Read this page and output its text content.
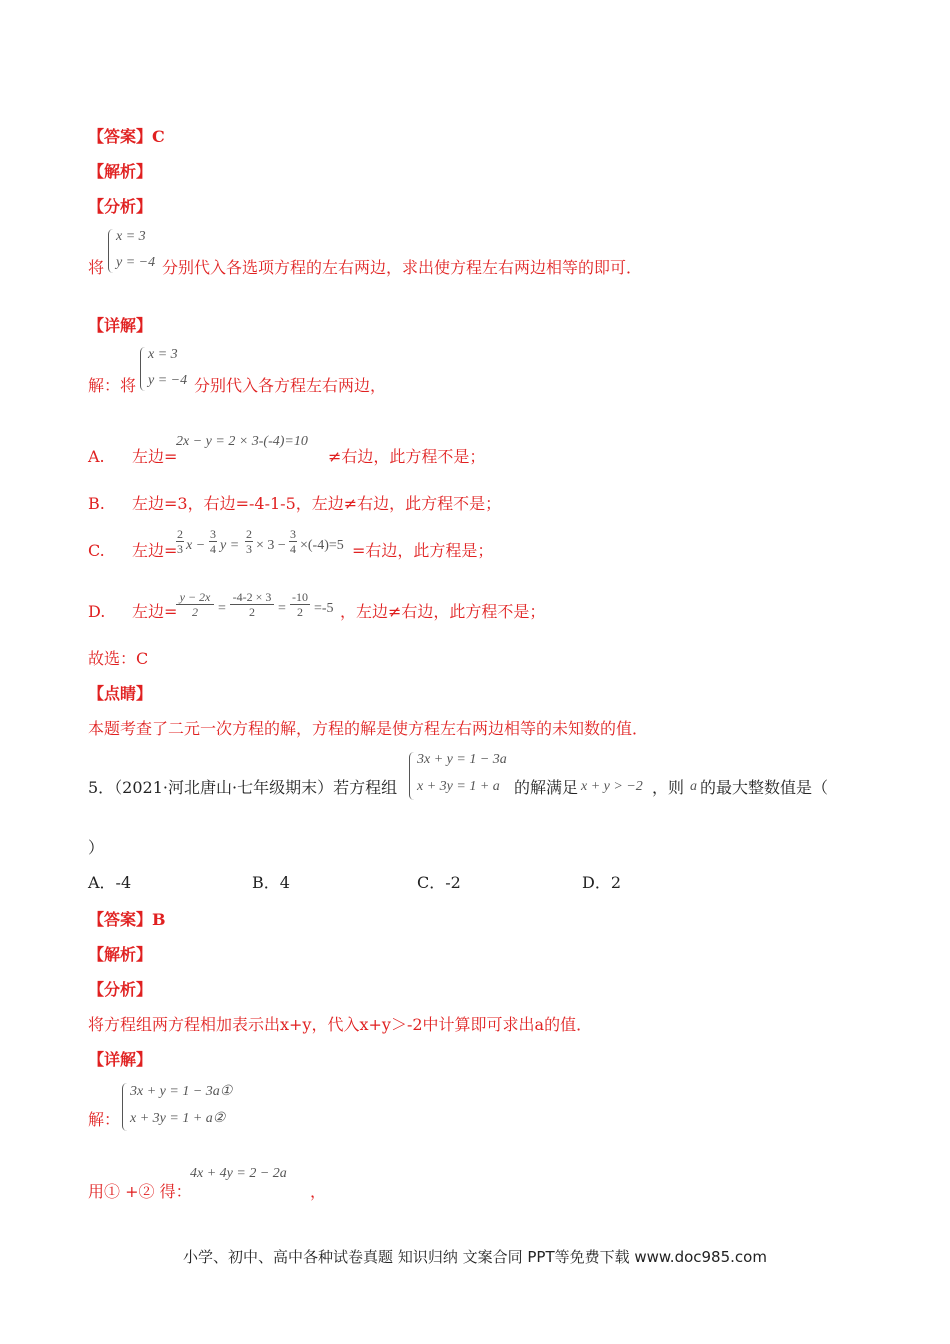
【答案】C
【解析】
【分析】
将
x = 3
y = −4 分别代入各选项方程的左右两边，求出使方程左右两边相等的即可．
【详解】
解：将
x = 3
y = −4 分别代入各方程左右两边，
A. 左边=
2x − y = 2 × 3-(-4)=10
≠右边，此方程不是；
B. 左边=3，右边=-4-1-5，左边≠右边，此方程不是；
C. 左边=
2
3 x −
3
4 y =
2
3 × 3 −
3
4 ×(-4)=5 =右边，此方程是；
D. 左边=
y − 2x
2	=
-4-2 × 3
2	=
-10
2 =-5 ，左边≠右边，此方程不是；
故选：C
【点睛】
本题考查了二元一次方程的解，方程的解是使方程左右两边相等的未知数的值．
5．（2021·河北唐山·七年级期末）若方程组
3x + y = 1 − 3a
x + 3y = 1 + a 的解满足 x + y > −2 ，则 a 的最大整数值是（
）
A．-4	B．4	C．-2	D．2
【答案】B
【解析】
【分析】
将方程组两方程相加表示出x+y，代入x+y＞-2中计算即可求出a的值．
【详解】
解：
3x + y = 1 − 3a①
x + 3y = 1 + a②
用① +② 得：
4x + 4y = 2 − 2a
，
小学、初中、高中各种试卷真题 知识归纳 文案合同 PPT等免费下载 www.doc985.com
